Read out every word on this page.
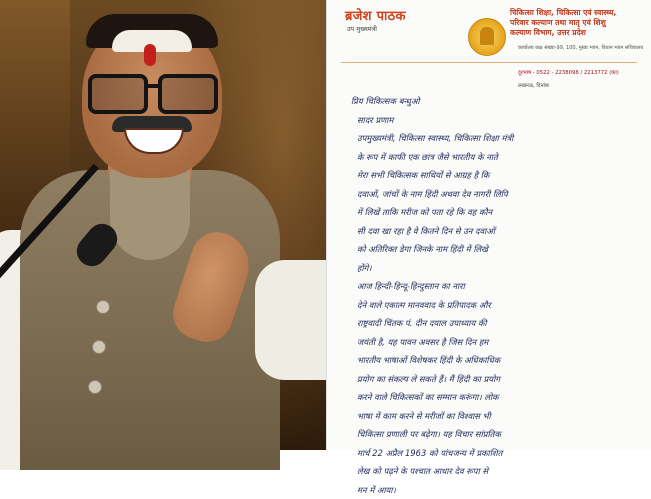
ब्रजेश पाठक
उप मुख्यमंत्री
चिकित्सा शिक्षा, चिकित्सा एवं स्वास्थ्य,
परिवार कल्याण तथा मातृ एवं शिशु
कल्याण विभाग, उत्तर प्रदेश
कार्यालय कक्ष संख्या-99, 100, मुख्य भवन, विधान भवन सचिवालय
दूरभाष - 0522 - 2238098 / 2213772 (का)
लखनऊ, दिनांक
प्रिय चिकित्सक बन्धुओ
सादर प्रणाम
उपमुख्यमंत्री, चिकित्सा स्वास्थ्य, चिकित्सा शिक्षा मंत्री
के रूप में काफी एक छात्र जैसे भारतीय के नाते
मेरा सभी चिकित्सक साथियों से आग्रह है कि
दवाओं, जांचों के नाम हिंदी अथवा देव नागरी लिपि
में लिखें ताकि मरीज को पता रहे कि वह कौन
सी दवा खा रहा है वे कितने दिन से उन दवाओं
को अतिरिक्त डेगा जिनके नाम हिंदी में लिखे
होंगे।
आज हिन्दी-हिन्दू-हिन्दुस्तान का नारा
देने वाले एकात्म मानववाद के प्रतिपादक और
राष्ट्रवादी चिंतक पं. दीन दयाल उपाध्याय की
जयंती है, यह पावन अवसर है जिस दिन हम
भारतीय भाषाओं विशेषकर हिंदी के अधिकाधिक
प्रयोग का संकल्प ले सकते हैं। मैं हिंदी का प्रयोग
करने वाले चिकित्सकों का सम्मान करूंगा। लोक
भाषा में काम करने से मरीजों का विश्वास भी
चिकित्सा प्रणाली पर बढ़ेगा। यह विचार सांप्रतिक
मार्च 22 अप्रैल 1963 को पांचजन्य में प्रकाशित
लेख को पढ़ने के पश्चात आधार देव रूपा से
मन में आया।
